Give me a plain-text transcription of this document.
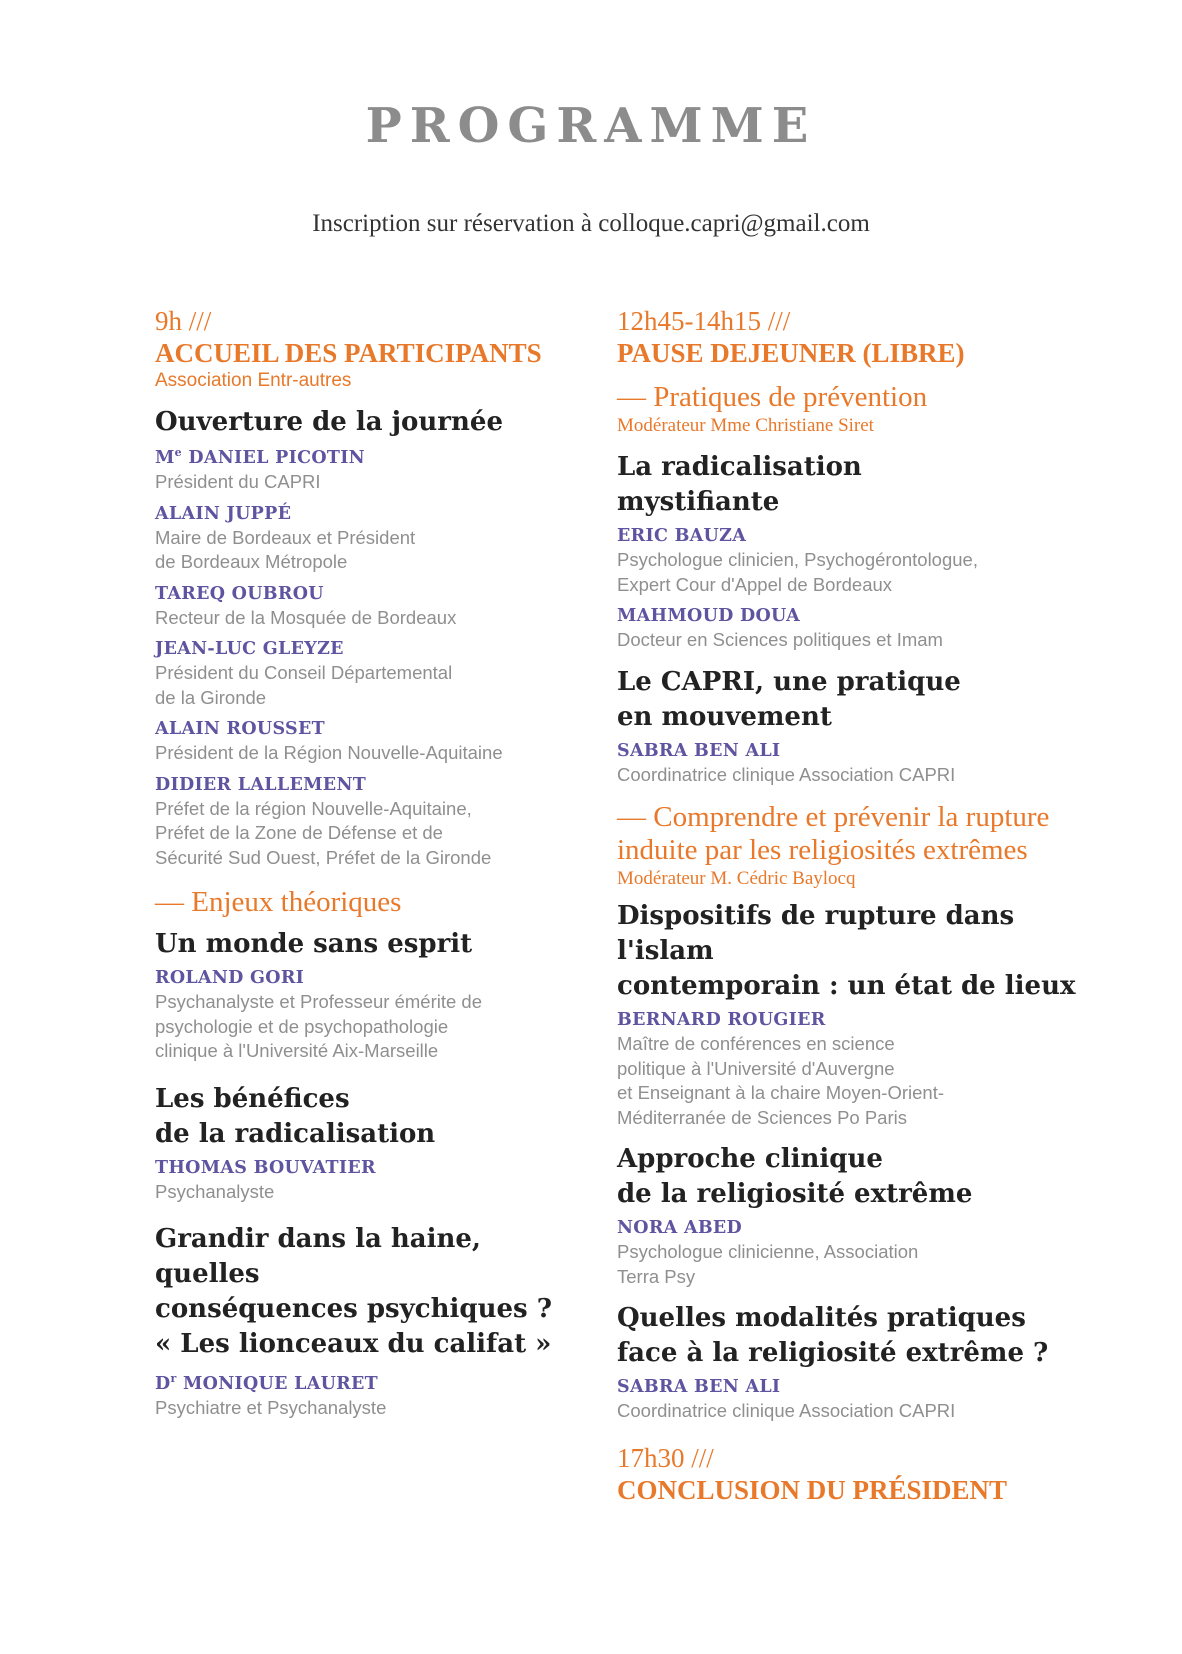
PROGRAMME
Inscription sur réservation à colloque.capri@gmail.com
9h ///
ACCUEIL DES PARTICIPANTS
Association Entr-autres
Ouverture de la journée
Me DANIEL PICOTIN
Président du CAPRI
ALAIN JUPPÉ
Maire de Bordeaux et Président
de Bordeaux Métropole
TAREQ OUBROU
Recteur de la Mosquée de Bordeaux
JEAN-LUC GLEYZE
Président du Conseil Départemental
de la Gironde
ALAIN ROUSSET
Président de la Région Nouvelle-Aquitaine
DIDIER LALLEMENT
Préfet de la région Nouvelle-Aquitaine,
Préfet de la Zone de Défense et de
Sécurité Sud Ouest, Préfet de la Gironde
— Enjeux théoriques
Un monde sans esprit
ROLAND GORI
Psychanalyste et Professeur émérite de
psychologie et de psychopathologie
clinique à l'Université Aix-Marseille
Les bénéfices
de la radicalisation
THOMAS BOUVATIER
Psychanalyste
Grandir dans la haine, quelles
conséquences psychiques ?
« Les lionceaux du califat »
$D^r$ MONIQUE LAURET
Psychiatre et Psychanalyste
12h45-14h15 ///
PAUSE DEJEUNER (LIBRE)
— Pratiques de prévention
Modérateur Mme Christiane Siret
La radicalisation
mystifiante
ERIC BAUZA
Psychologue clinicien, Psychogérontologue,
Expert Cour d'Appel de Bordeaux
MAHMOUD DOUA
Docteur en Sciences politiques et Imam
Le CAPRI, une pratique
en mouvement
SABRA BEN ALI
Coordinatrice clinique Association CAPRI
— Comprendre et prévenir la rupture
induite par les religiosités extrêmes
Modérateur M. Cédric Baylocq
Dispositifs de rupture dans l'islam
contemporain : un état de lieux
BERNARD ROUGIER
Maître de conférences en science
politique à l'Université d'Auvergne
et Enseignant à la chaire Moyen-Orient-
Méditerranée de Sciences Po Paris
Approche clinique
de la religiosité extrême
NORA ABED
Psychologue clinicienne, Association
Terra Psy
Quelles modalités pratiques
face à la religiosité extrême ?
SABRA BEN ALI
Coordinatrice clinique Association CAPRI
17h30 ///
CONCLUSION DU PRÉSIDENT
